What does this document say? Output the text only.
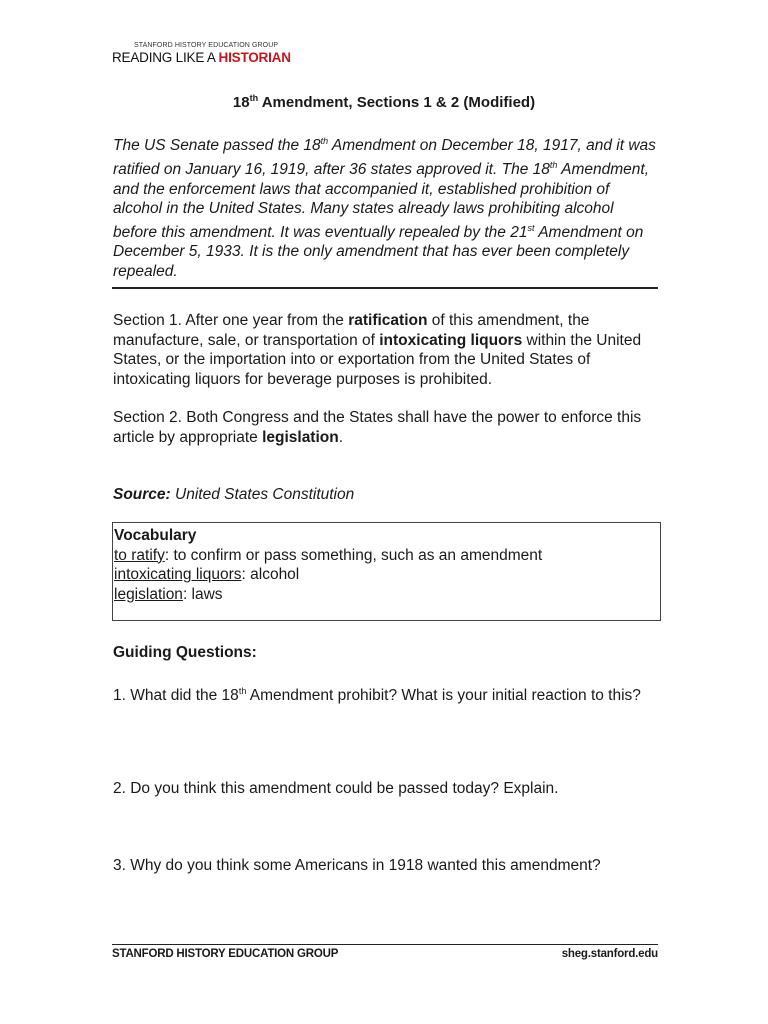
STANFORD HISTORY EDUCATION GROUP
READING LIKE A HISTORIAN
18th Amendment, Sections 1 & 2 (Modified)
The US Senate passed the 18th Amendment on December 18, 1917, and it was ratified on January 16, 1919, after 36 states approved it. The 18th Amendment, and the enforcement laws that accompanied it, established prohibition of alcohol in the United States. Many states already laws prohibiting alcohol before this amendment. It was eventually repealed by the 21st Amendment on December 5, 1933. It is the only amendment that has ever been completely repealed.
Section 1. After one year from the ratification of this amendment, the manufacture, sale, or transportation of intoxicating liquors within the United States, or the importation into or exportation from the United States of intoxicating liquors for beverage purposes is prohibited.
Section 2. Both Congress and the States shall have the power to enforce this article by appropriate legislation.
Source: United States Constitution
Vocabulary
to ratify: to confirm or pass something, such as an amendment
intoxicating liquors: alcohol
legislation: laws
Guiding Questions:
1. What did the 18th Amendment prohibit? What is your initial reaction to this?
2. Do you think this amendment could be passed today? Explain.
3. Why do you think some Americans in 1918 wanted this amendment?
STANFORD HISTORY EDUCATION GROUP	sheg.stanford.edu
